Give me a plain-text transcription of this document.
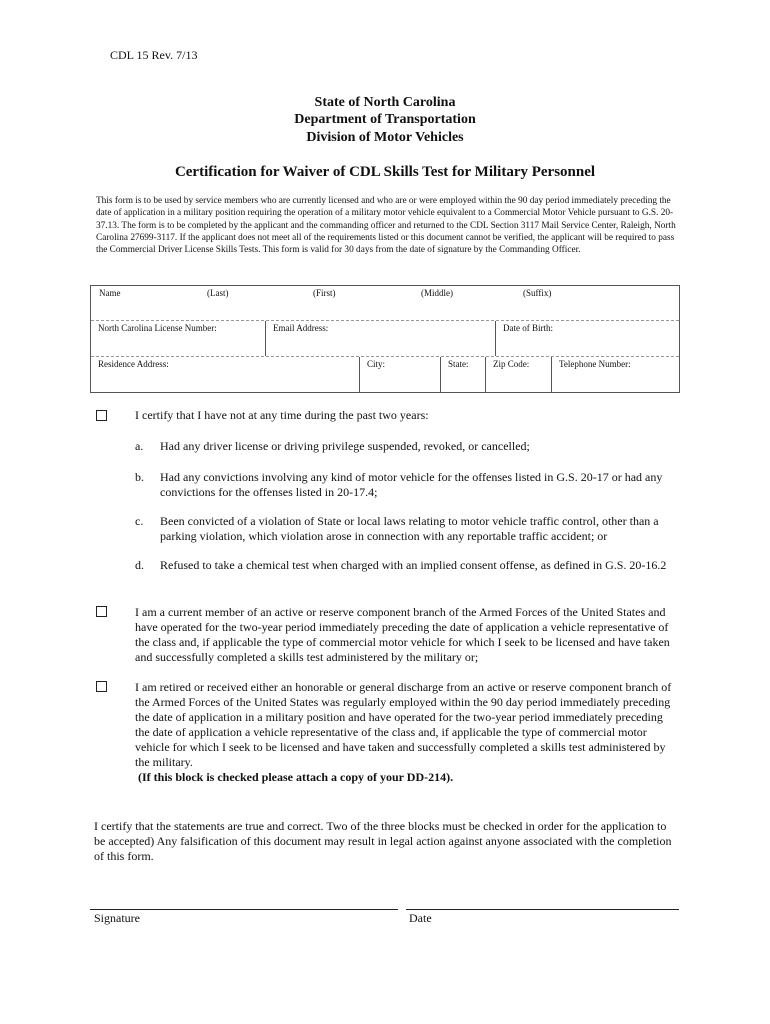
CDL 15 Rev. 7/13
State of North Carolina
Department of Transportation
Division of Motor Vehicles
Certification for Waiver of CDL Skills Test for Military Personnel
This form is to be used by service members who are currently licensed and who are or were employed within the 90 day period immediately preceding the date of application in a military position requiring the operation of a military motor vehicle equivalent to a Commercial Motor Vehicle pursuant to G.S. 20-37.13. The form is to be completed by the applicant and the commanding officer and returned to the CDL Section 3117 Mail Service Center, Raleigh, North Carolina 27699-3117. If the applicant does not meet all of the requirements listed or this document cannot be verified, the applicant will be required to pass the Commercial Driver License Skills Tests. This form is valid for 30 days from the date of signature by the Commanding Officer.
Name	(Last)	(First)	(Middle)	(Suffix)
North Carolina License Number:	Email Address:	Date of Birth:
Residence Address:	City:	State:	Zip Code:	Telephone Number:
I certify that I have not at any time during the past two years:
a. Had any driver license or driving privilege suspended, revoked, or cancelled;
b. Had any convictions involving any kind of motor vehicle for the offenses listed in G.S. 20-17 or had any convictions for the offenses listed in 20-17.4;
c. Been convicted of a violation of State or local laws relating to motor vehicle traffic control, other than a parking violation, which violation arose in connection with any reportable traffic accident; or
d. Refused to take a chemical test when charged with an implied consent offense, as defined in G.S. 20-16.2
I am a current member of an active or reserve component branch of the Armed Forces of the United States and have operated for the two-year period immediately preceding the date of application a vehicle representative of the class and, if applicable the type of commercial motor vehicle for which I seek to be licensed and have taken and successfully completed a skills test administered by the military or;
I am retired or received either an honorable or general discharge from an active or reserve component branch of the Armed Forces of the United States was regularly employed within the 90 day period immediately preceding the date of application in a military position and have operated for the two-year period immediately preceding the date of application a vehicle representative of the class and, if applicable the type of commercial motor vehicle for which I seek to be licensed and have taken and successfully completed a skills test administered by the military.
(If this block is checked please attach a copy of your DD-214).
I certify that the statements are true and correct. Two of the three blocks must be checked in order for the application to be accepted) Any falsification of this document may result in legal action against anyone associated with the completion of this form.
Signature	Date
